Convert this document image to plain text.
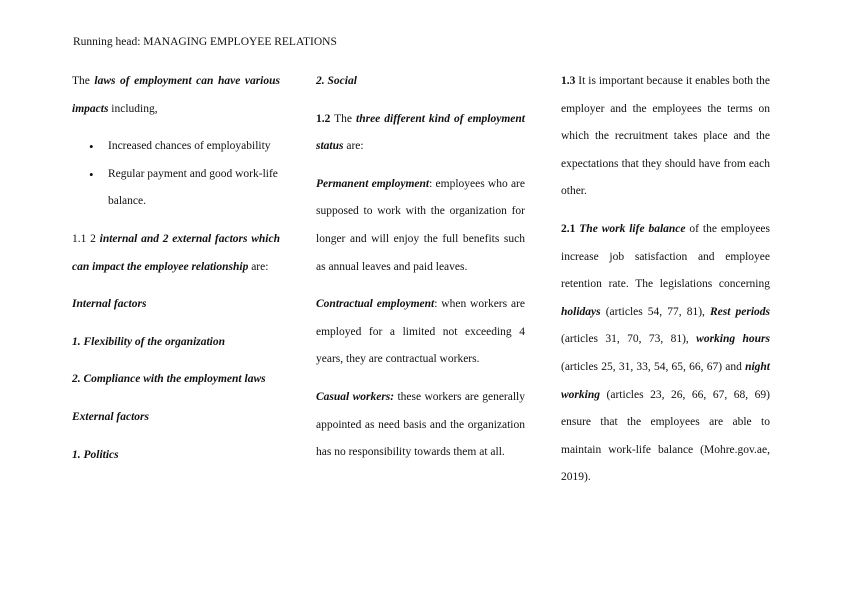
Running head: MANAGING EMPLOYEE RELATIONS

The laws of employment can have various impacts including,

• Increased chances of employability
• Regular payment and good work-life balance.

1.1 2 internal and 2 external factors which can impact the employee relationship are:

Internal factors

1. Flexibility of the organization

2. Compliance with the employment laws

External factors

1. Politics

2. Social

1.2 The three different kind of employment status are:

Permanent employment: employees who are supposed to work with the organization for longer and will enjoy the full benefits such as annual leaves and paid leaves.

Contractual employment: when workers are employed for a limited not exceeding 4 years, they are contractual workers.

Casual workers: these workers are generally appointed as need basis and the organization has no responsibility towards them at all.

1.3 It is important because it enables both the employer and the employees the terms on which the recruitment takes place and the expectations that they should have from each other.

2.1 The work life balance of the employees increase job satisfaction and employee retention rate. The legislations concerning holidays (articles 54, 77, 81), Rest periods (articles 31, 70, 73, 81), working hours (articles 25, 31, 33, 54, 65, 66, 67) and night working (articles 23, 26, 66, 67, 68, 69) ensure that the employees are able to maintain work-life balance (Mohre.gov.ae, 2019).
